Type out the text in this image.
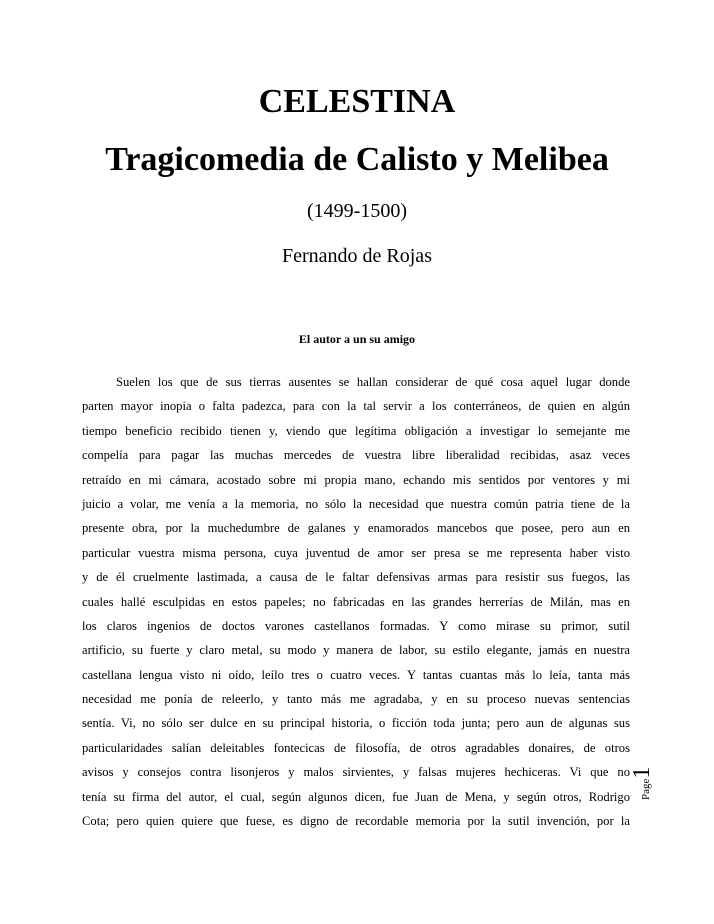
CELESTINA
Tragicomedia de Calisto y Melibea
(1499-1500)
Fernando de Rojas
El autor a un su amigo
Suelen los que de sus tierras ausentes se hallan considerar de qué cosa aquel lugar donde
parten mayor inopia o falta padezca, para con la tal servir a los conterráneos, de quien en algún
tiempo beneficio recibido tienen y, viendo que legítima obligación a investigar lo semejante me
compelía para pagar las muchas mercedes de vuestra libre liberalidad recibidas, asaz veces
retraído en mi cámara, acostado sobre mi propia mano, echando mis sentidos por ventores y mi
juicio a volar, me venía a la memoria, no sólo la necesidad que nuestra común patria tiene de la
presente obra, por la muchedumbre de galanes y enamorados mancebos que posee, pero aun en
particular vuestra misma persona, cuya juventud de amor ser presa se me representa haber visto
y de él cruelmente lastimada, a causa de le faltar defensivas armas para resistir sus fuegos, las
cuales hallé esculpidas en estos papeles; no fabricadas en las grandes herrerías de Milán, mas en
los claros ingenios de doctos varones castellanos formadas. Y como mirase su primor, sutil
artificio, su fuerte y claro metal, su modo y manera de labor, su estilo elegante, jamás en nuestra
castellana lengua visto ni oído, leílo tres o cuatro veces. Y tantas cuantas más lo leía, tanta más
necesidad me ponía de releerlo, y tanto más me agradaba, y en su proceso nuevas sentencias
sentía. Vi, no sólo ser dulce en su principal historia, o ficción toda junta; pero aun de algunas sus
particularidades salían deleitables fontecicas de filosofía, de otros agradables donaires, de otros
avisos y consejos contra lisonjeros y malos sirvientes, y falsas mujeres hechiceras. Vi que no
tenía su firma del autor, el cual, según algunos dicen, fue Juan de Mena, y según otros, Rodrigo
Cota; pero quien quiere que fuese, es digno de recordable memoria por la sutil invención, por la
Page1
